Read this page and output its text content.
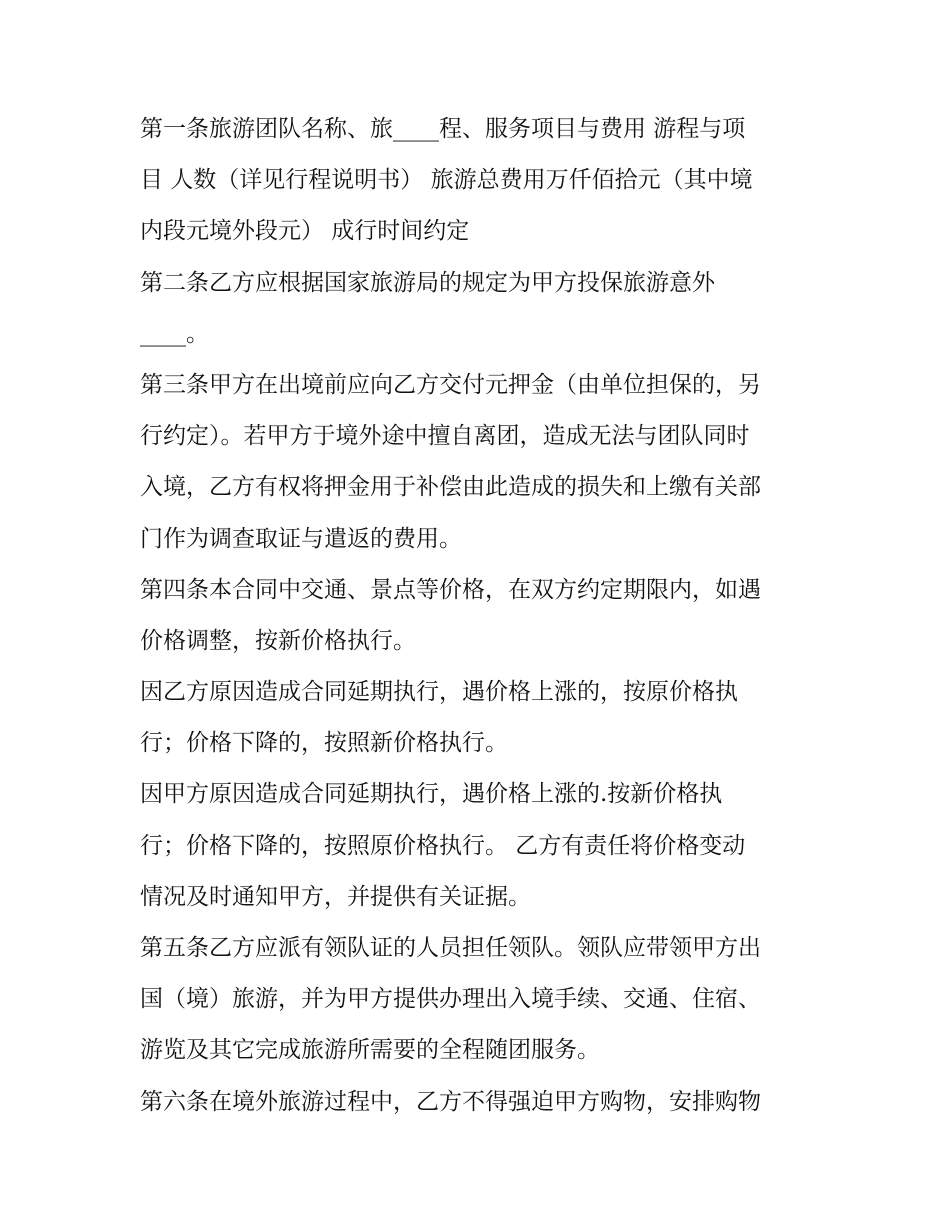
第一条旅游团队名称、旅____程、服务项目与费用 游程与项
目 人数（详见行程说明书） 旅游总费用万仟佰拾元（其中境
内段元境外段元） 成行时间约定
第二条乙方应根据国家旅游局的规定为甲方投保旅游意外
____。
第三条甲方在出境前应向乙方交付元押金（由单位担保的，另
行约定）。若甲方于境外途中擅自离团，造成无法与团队同时
入境，乙方有权将押金用于补偿由此造成的损失和上缴有关部
门作为调查取证与遣返的费用。
第四条本合同中交通、景点等价格，在双方约定期限内，如遇
价格调整，按新价格执行。
因乙方原因造成合同延期执行，遇价格上涨的，按原价格执
行；价格下降的，按照新价格执行。
因甲方原因造成合同延期执行，遇价格上涨的.按新价格执
行；价格下降的，按照原价格执行。 乙方有责任将价格变动
情况及时通知甲方，并提供有关证据。
第五条乙方应派有领队证的人员担任领队。领队应带领甲方出
国（境）旅游，并为甲方提供办理出入境手续、交通、住宿、
游览及其它完成旅游所需要的全程随团服务。
第六条在境外旅游过程中，乙方不得强迫甲方购物，安排购物
